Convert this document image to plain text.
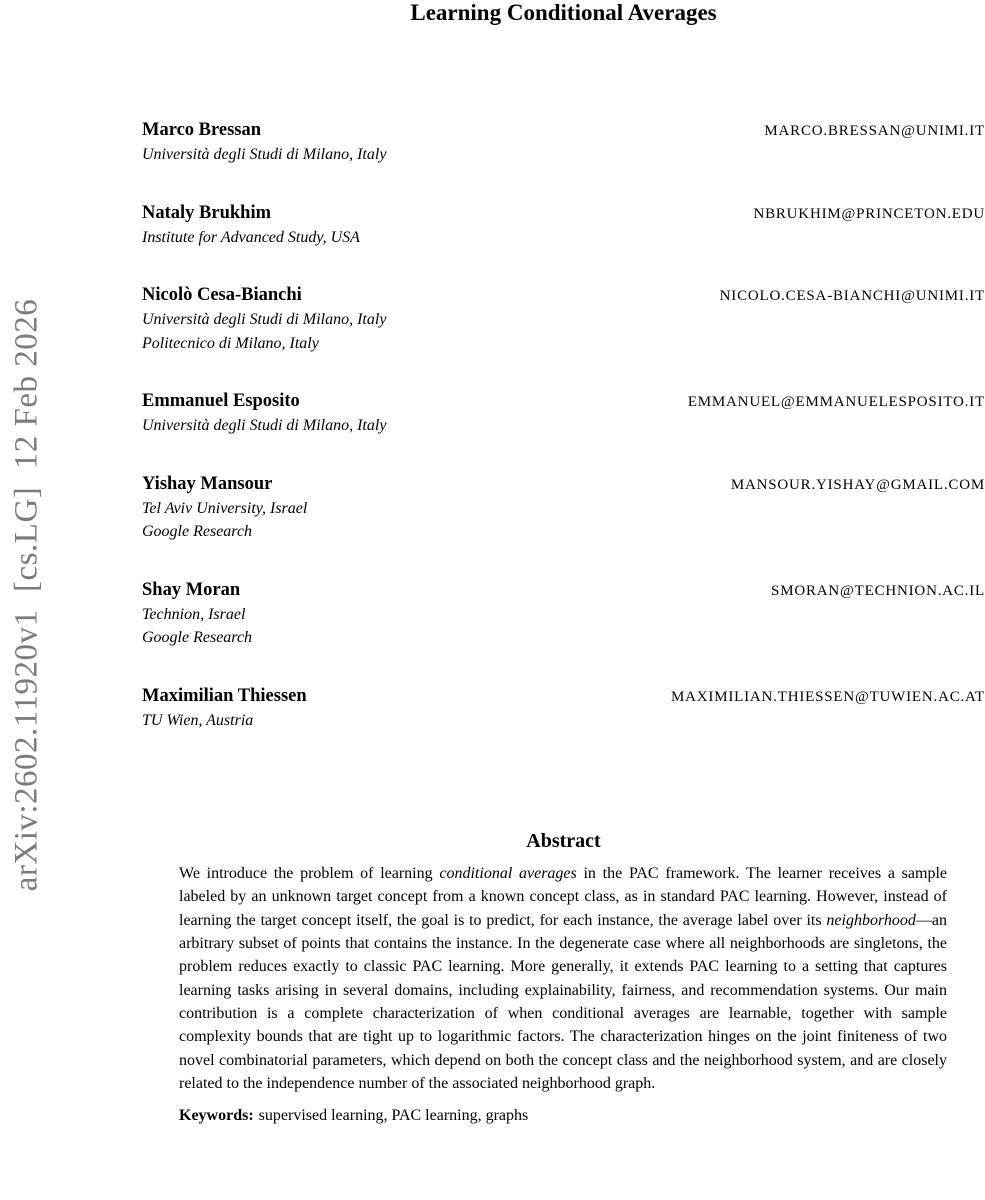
arXiv:2602.11920v1  [cs.LG]  12 Feb 2026
Learning Conditional Averages
Marco Bressan	MARCO.BRESSAN@UNIMI.IT
Università degli Studi di Milano, Italy
Nataly Brukhim	NBRUKHIM@PRINCETON.EDU
Institute for Advanced Study, USA
Nicolò Cesa-Bianchi	NICOLO.CESA-BIANCHI@UNIMI.IT
Università degli Studi di Milano, Italy
Politecnico di Milano, Italy
Emmanuel Esposito	EMMANUEL@EMMANUELESPOSITO.IT
Università degli Studi di Milano, Italy
Yishay Mansour	MANSOUR.YISHAY@GMAIL.COM
Tel Aviv University, Israel
Google Research
Shay Moran	SMORAN@TECHNION.AC.IL
Technion, Israel
Google Research
Maximilian Thiessen	MAXIMILIAN.THIESSEN@TUWIEN.AC.AT
TU Wien, Austria
Abstract

We introduce the problem of learning conditional averages in the PAC framework. The learner receives a sample labeled by an unknown target concept from a known concept class, as in standard PAC learning. However, instead of learning the target concept itself, the goal is to predict, for each instance, the average label over its neighborhood—an arbitrary subset of points that contains the instance. In the degenerate case where all neighborhoods are singletons, the problem reduces exactly to classic PAC learning. More generally, it extends PAC learning to a setting that captures learning tasks arising in several domains, including explainability, fairness, and recommendation systems. Our main contribution is a complete characterization of when conditional averages are learnable, together with sample complexity bounds that are tight up to logarithmic factors. The characterization hinges on the joint finiteness of two novel combinatorial parameters, which depend on both the concept class and the neighborhood system, and are closely related to the independence number of the associated neighborhood graph.

Keywords: supervised learning, PAC learning, graphs
